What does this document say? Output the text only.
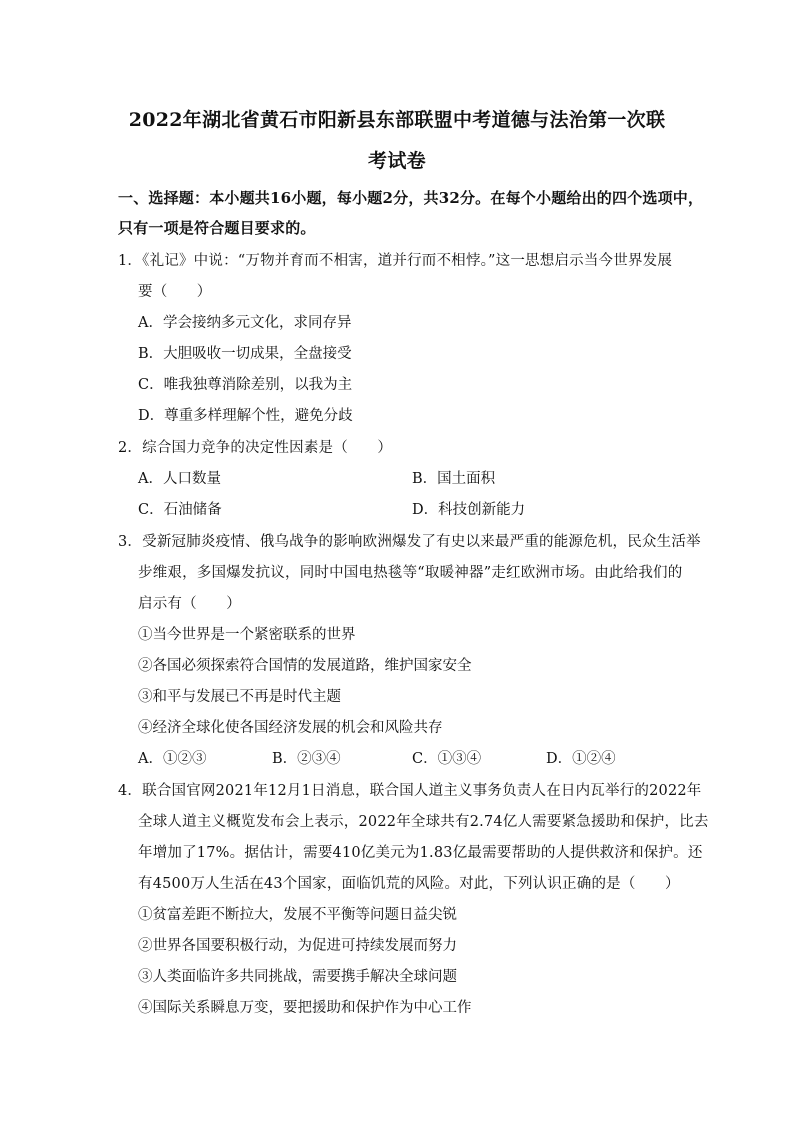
2022年湖北省黄石市阳新县东部联盟中考道德与法治第一次联
考试卷
一、选择题：本小题共16小题，每小题2分，共32分。在每个小题给出的四个选项中，
只有一项是符合题目要求的。
1．《礼记》中说：“万物并育而不相害，道并行而不相悖。”这一思想启示当今世界发展
要（　　）
A．学会接纳多元文化，求同存异
B．大胆吸收一切成果，全盘接受
C．唯我独尊消除差别，以我为主
D．尊重多样理解个性，避免分歧
2．综合国力竞争的决定性因素是（　　）
A．人口数量	B．国土面积
C．石油储备	D．科技创新能力
3．受新冠肺炎疫情、俄乌战争的影响欧洲爆发了有史以来最严重的能源危机，民众生活举
步维艰，多国爆发抗议，同时中国电热毯等“取暖神器”走红欧洲市场。由此给我们的
启示有（　　）
①当今世界是一个紧密联系的世界
②各国必须探索符合国情的发展道路，维护国家安全
③和平与发展已不再是时代主题
④经济全球化使各国经济发展的机会和风险共存
A．①②③	B．②③④	C．①③④	D．①②④
4．联合国官网2021年12月1日消息，联合国人道主义事务负责人在日内瓦举行的2022年
全球人道主义概览发布会上表示，2022年全球共有2.74亿人需要紧急援助和保护，比去
年增加了17%。据估计，需要410亿美元为1.83亿最需要帮助的人提供救济和保护。还
有4500万人生活在43个国家，面临饥荒的风险。对此，下列认识正确的是（　　）
①贫富差距不断拉大，发展不平衡等问题日益尖锐
②世界各国要积极行动，为促进可持续发展而努力
③人类面临许多共同挑战，需要携手解决全球问题
④国际关系瞬息万变，要把援助和保护作为中心工作
